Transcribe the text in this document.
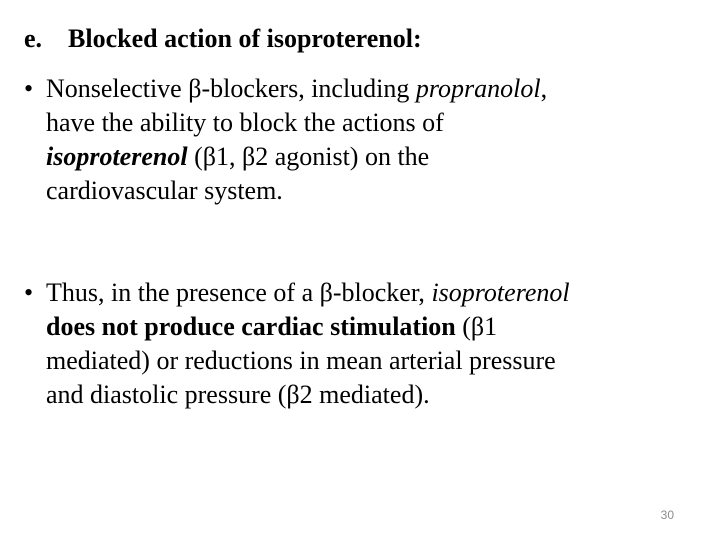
e. Blocked action of isoproterenol:
• Nonselective β-blockers, including propranolol,
have the ability to block the actions of
isoproterenol (β1, β2 agonist) on the
cardiovascular system.
• Thus, in the presence of a β-blocker, isoproterenol
does not produce cardiac stimulation (β1
mediated) or reductions in mean arterial pressure
and diastolic pressure (β2 mediated).
30
